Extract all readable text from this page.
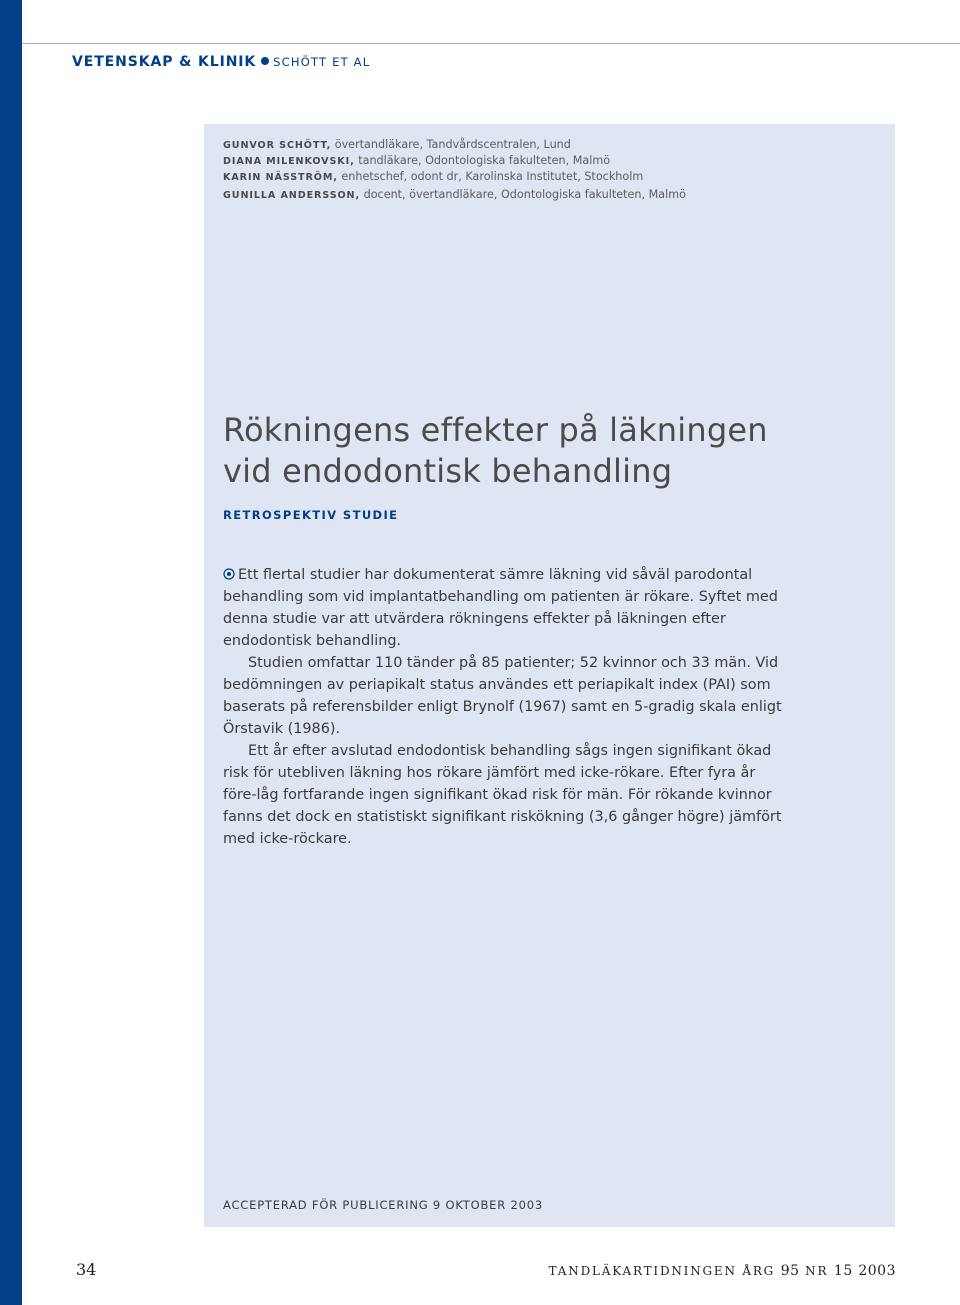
VETENSKAP & KLINIK SCHÖTT ET AL
GUNVOR SCHÖTT, övertandläkare, Tandvårdscentralen, Lund
DIANA MILENKOVSKI, tandläkare, Odontologiska fakulteten, Malmö
KARIN NÄSSTRÖM, enhetschef, odont dr, Karolinska Institutet, Stockholm
GUNILLA ANDERSSON, docent, övertandläkare, Odontologiska fakulteten, Malmö
Rökningens effekter på läkningen
vid endodontisk behandling
RETROSPEKTIV STUDIE

Ett flertal studier har dokumenterat sämre läkning vid såväl parodontal behandling som vid implantatbehandling om patienten är rökare. Syftet med denna studie var att utvärdera rökningens effekter på läkningen efter endodontisk behandling.

Studien omfattar 110 tänder på 85 patienter; 52 kvinnor och 33 män. Vid bedömningen av periapikalt status användes ett periapikalt index (PAI) som baserats på referensbilder enligt Brynolf (1967) samt en 5-gradig skala enligt Örstavik (1986).

Ett år efter avslutad endodontisk behandling sågs ingen signifikant ökad risk för utebliven läkning hos rökare jämfört med icke-rökare. Efter fyra år före-låg fortfarande ingen signifikant ökad risk för män. För rökande kvinnor fanns det dock en statistiskt signifikant riskökning (3,6 gånger högre) jämfört med icke-röckare.

ACCEPTERAD FÖR PUBLICERING 9 OKTOBER 2003
34	TANDLÄKARTIDNINGEN ÅRG 95 NR 15 2003
